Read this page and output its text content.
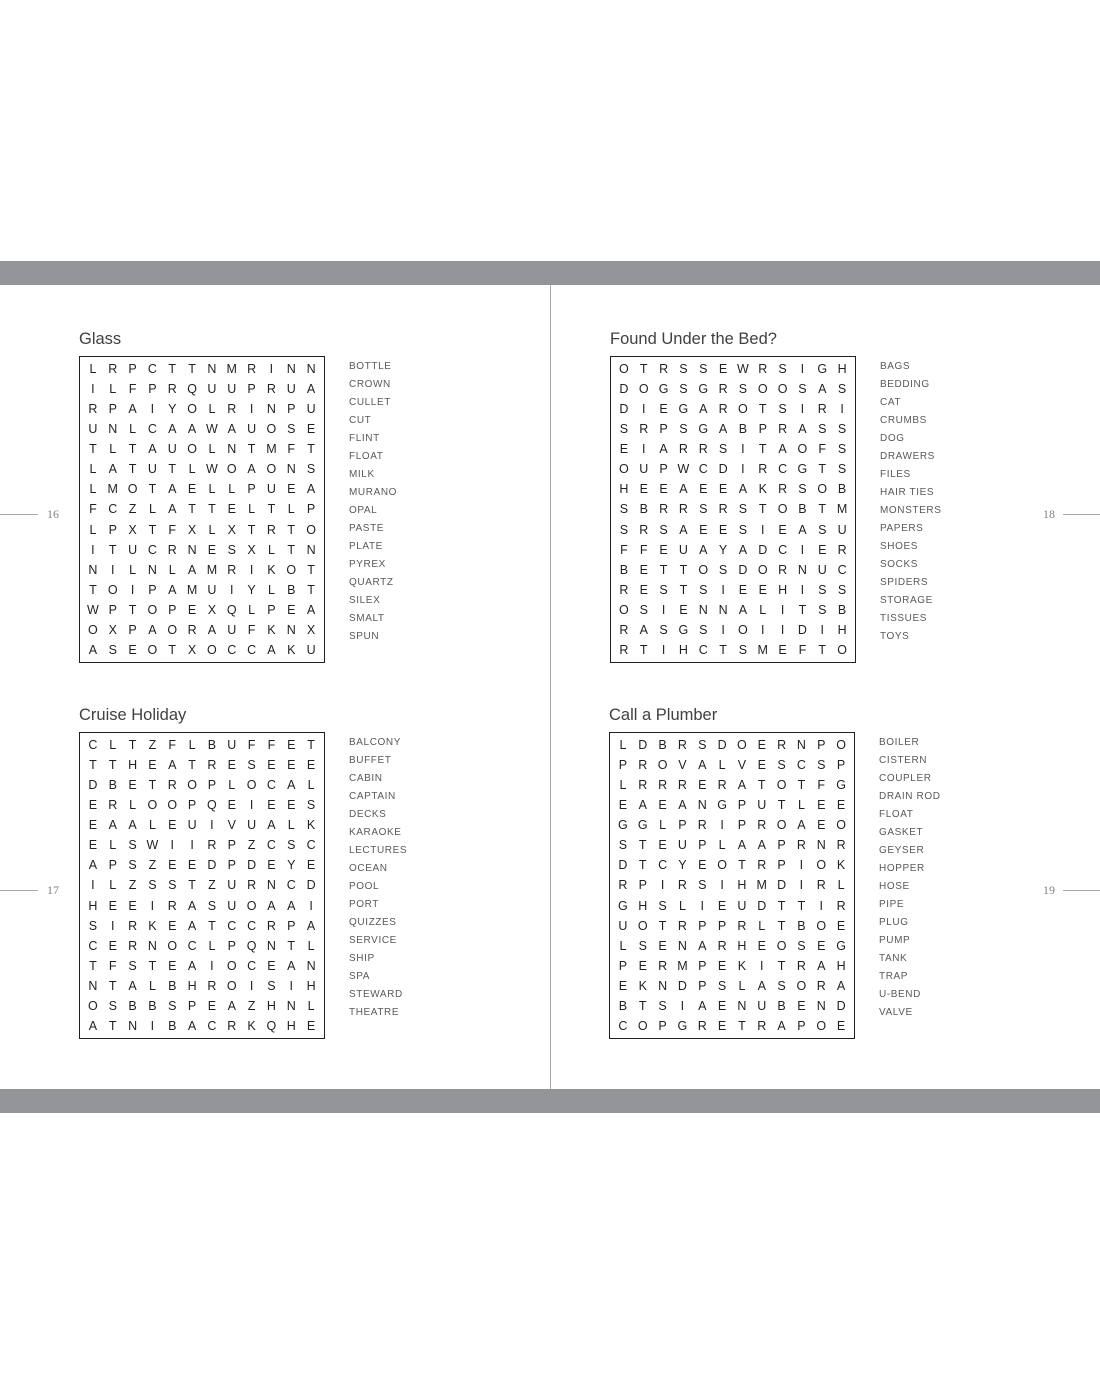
16
17
18
19
Glass
L R P C T T N M R	I	N N
I	L	F P R Q U U P R U A
R P A	I	Y O L R	I	N P U
U N L C A A W A U O S E
T	L	T A U O L N T M F T
L A T U T	L W O A O N S
L M O T A E L	L P U E A
F C Z	L A T T E L	T	L P
L P X T F X L X T R T O
I	T U C R N E S X L	T N
N	I	L N L A M R	I	K O T
T O	I	P A M U	I	Y L B T
W P T O P E X Q L P E A
O X P A O R A U F K N X
A S E O T X O C C A K U
BOTTLE
CROWN
CULLET
CUT
FLINT
FLOAT
MILK
MURANO
OPAL
PASTE
PLATE
PYREX
QUARTZ
SILEX
SMALT
SPUN
Cruise Holiday
C L	T Z F	L B U F F E T
T T H E A T R E S E E E
D B E T R O P L O C A L
E R L O O P Q E	I	E E S
E A A L E U	I	V U A L K
E L S W I	I	R P Z C S C
A P S Z E E D P D E Y E
I	L	Z S S T Z U R N C D
H E E	I	R A S U O A A	I
S	I	R K E A T C C R P A
C E R N O C L P Q N T	L
T F S T E A	I	O C E A N
N T A L B H R O	I	S	I	H
O S B B S P E A Z H N L
A T N	I	B A C R K Q H E
BALCONY
BUFFET
CABIN
CAPTAIN
DECKS
KARAOKE
LECTURES
OCEAN
POOL
PORT
QUIZZES
SERVICE
SHIP
SPA
STEWARD
THEATRE
Found Under the Bed?
O T R S S E W R S	I	G H
D O G S G R S O O S A S
D	I	E G A R O T S	I	R	I
S R P S G A B P R A S S
E	I	A R R S	I	T A O F S
O U P W C D	I	R C G T S
H E E A E E A K R S O B
S B R R S R S T O B T M
S R S A E E S	I	E A S U
F F E U A Y A D C	I	E R
B E T T O S D O R N U C
R E S T S	I	E E H	I	S S
O S	I	E N N A L	I	T S B
R A S G S	I	O	I	I	D	I	H
R T	I	H C T S M E F T O
BAGS
BEDDING
CAT
CRUMBS
DOG
DRAWERS
FILES
HAIR TIES
MONSTERS
PAPERS
SHOES
SOCKS
SPIDERS
STORAGE
TISSUES
TOYS
Call a Plumber
L D B R S D O E R N P O
P R O V A L V E S C S P
L R R R E R A T O T F G
E A E A N G P U T	L E E
G G L P R	I	P R O A E O
S T E U P L A A P R N R
D T C Y E O T R P	I	O K
R P	I	R S	I	H M D	I	R L
G H S L	I	E U D T T	I	R
U O T R P P R L	T B O E
L S E N A R H E O S E G
P E R M P E K	I	T R A H
E K N D P S L A S O R A
B T S	I	A E N U B E N D
C O P G R E T R A P O E
BOILER
CISTERN
COUPLER
DRAIN ROD
FLOAT
GASKET
GEYSER
HOPPER
HOSE
PIPE
PLUG
PUMP
TANK
TRAP
U-BEND
VALVE
